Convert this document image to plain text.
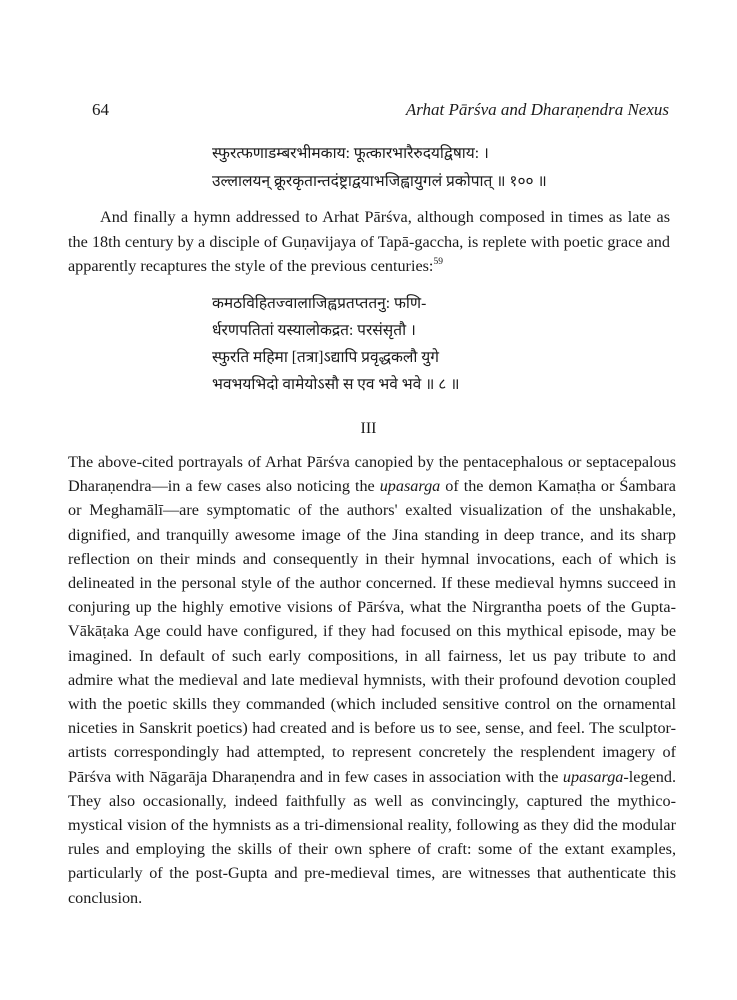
64	Arhat Pārśva and Dharaṇendra Nexus
स्फुरत्फणाडम्बरभीमकाय: फूत्कारभारैरुदयद्विषाय: ।
उल्लालयन् क्रूरकृतान्तदंष्ट्राद्वयाभजिह्वायुगलं प्रकोपात् ॥ १०० ॥

And finally a hymn addressed to Arhat Pārśva, although composed in times as late as the 18th century by a disciple of Guṇavijaya of Tapā-gaccha, is replete with poetic grace and apparently recaptures the style of the previous centuries:$^{59}$

कमठविहितज्वालाजिह्वप्रतप्ततनु: फणि-
र्धरणपतितां यस्यालोकद्रत: परसंसृतौ ।
स्फुरति महिमा [तत्रा]ऽद्यापि प्रवृद्धकलौ युगे
भवभयभिदो वामेयोऽसौ स एव भवे भवे ॥ ८ ॥
III

The above-cited portrayals of Arhat Pārśva canopied by the pentacephalous or septacepalous Dharaṇendra—in a few cases also noticing the upasarga of the demon Kamaṭha or Śambara or Meghamālī—are symptomatic of the authors' exalted visualization of the unshakable, dignified, and tranquilly awesome image of the Jina standing in deep trance, and its sharp reflection on their minds and consequently in their hymnal invocations, each of which is delineated in the personal style of the author concerned. If these medieval hymns succeed in conjuring up the highly emotive visions of Pārśva, what the Nirgrantha poets of the Gupta-Vākāṭaka Age could have configured, if they had focused on this mythical episode, may be imagined. In default of such early compositions, in all fairness, let us pay tribute to and admire what the medieval and late medieval hymnists, with their profound devotion coupled with the poetic skills they commanded (which included sensitive control on the ornamental niceties in Sanskrit poetics) had created and is before us to see, sense, and feel. The sculptor-artists correspondingly had attempted, to represent concretely the resplendent imagery of Pārśva with Nāgarāja Dharaṇendra and in few cases in association with the upasarga-legend. They also occasionally, indeed faithfully as well as convincingly, captured the mythico-mystical vision of the hymnists as a tri-dimensional reality, following as they did the modular rules and employing the skills of their own sphere of craft: some of the extant examples, particularly of the post-Gupta and pre-medieval times, are witnesses that authenticate this conclusion.
